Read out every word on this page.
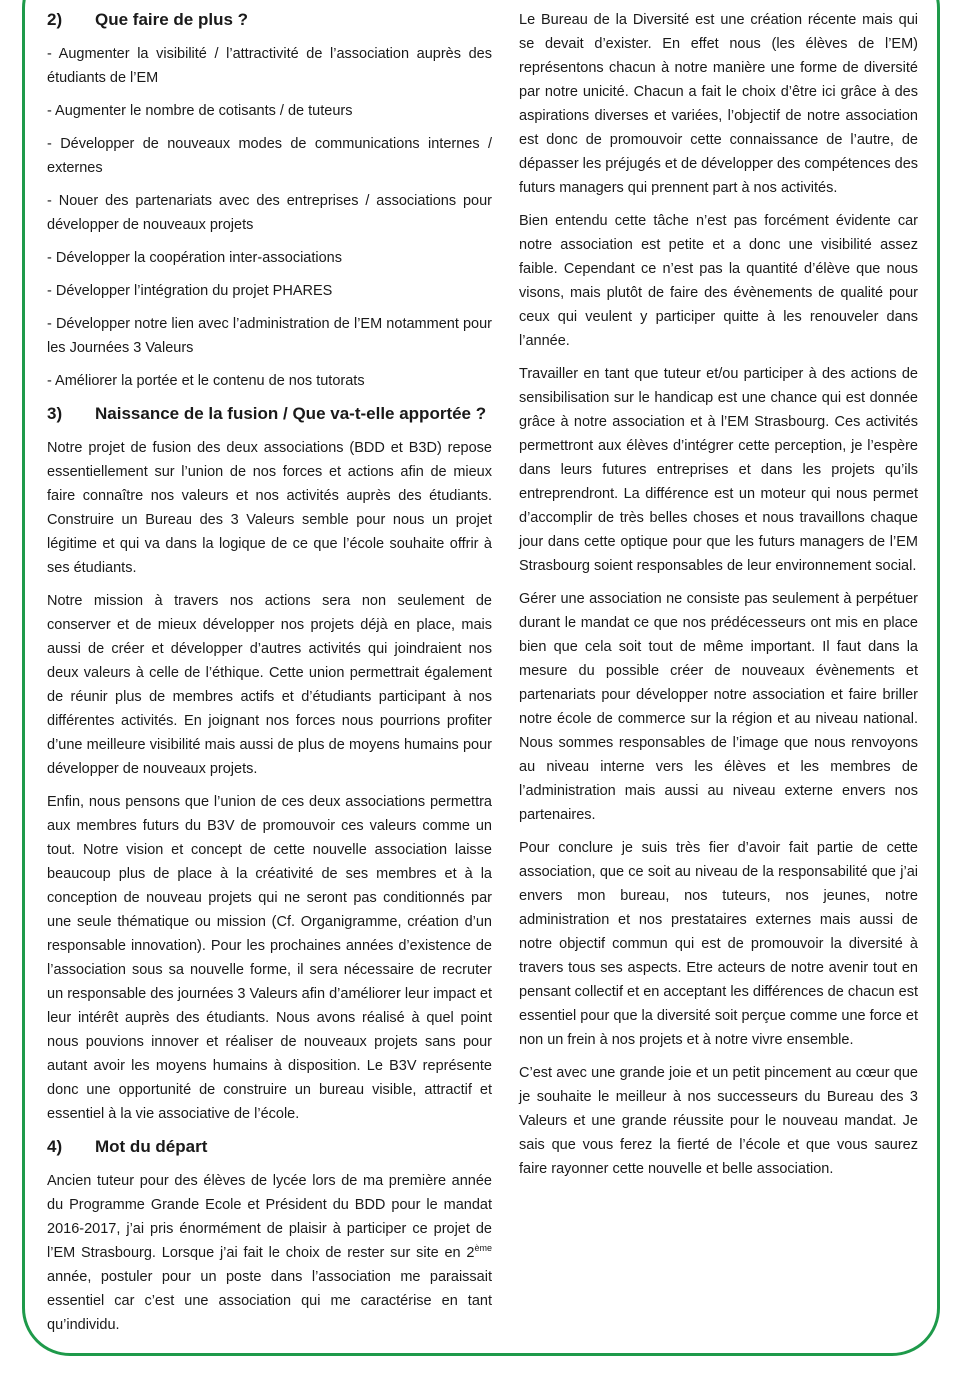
2)	Que faire de plus ?
- Augmenter la visibilité / l’attractivité de l’association auprès des étudiants de l’EM
- Augmenter le nombre de cotisants / de tuteurs
- Développer de nouveaux modes de communications internes / externes
- Nouer des partenariats avec des entreprises / associations pour développer de nouveaux projets
- Développer la coopération inter-associations
- Développer l’intégration du projet PHARES
- Développer notre lien avec l’administration de l’EM notamment pour les Journées 3 Valeurs
- Améliorer la portée et le contenu de nos tutorats
3)	Naissance de la fusion / Que va-t-elle apportée ?

Notre projet de fusion des deux associations (BDD et B3D) repose essentiellement sur l’union de nos forces et actions afin de mieux faire connaître nos valeurs et nos activités auprès des étudiants. Construire un Bureau des 3 Valeurs semble pour nous un projet légitime et qui va dans la logique de ce que l’école souhaite offrir à ses étudiants.

Notre mission à travers nos actions sera non seulement de conserver et de mieux développer nos projets déjà en place, mais aussi de créer et développer d’autres activités qui joindraient nos deux valeurs à celle de l’éthique. Cette union permettrait également de réunir plus de membres actifs et d’étudiants participant à nos différentes activités. En joignant nos forces nous pourrions profiter d’une meilleure visibilité mais aussi de plus de moyens humains pour développer de nouveaux projets.

Enfin, nous pensons que l’union de ces deux associations permettra aux membres futurs du B3V de promouvoir ces valeurs comme un tout. Notre vision et concept de cette nouvelle association laisse beaucoup plus de place à la créativité de ses membres et à la conception de nouveau projets qui ne seront pas conditionnés par une seule thématique ou mission (Cf. Organigramme, création d’un responsable innovation). Pour les prochaines années d’existence de l’association sous sa nouvelle forme, il sera nécessaire de recruter un responsable des journées 3 Valeurs afin d’améliorer leur impact et leur intérêt auprès des étudiants. Nous avons réalisé à quel point nous pouvions innover et réaliser de nouveaux projets sans pour autant avoir les moyens humains à disposition. Le B3V représente donc une opportunité de construire un bureau visible, attractif et essentiel à la vie associative de l’école.

4)	Mot du départ

Ancien tuteur pour des élèves de lycée lors de ma première année du Programme Grande Ecole et Président du BDD pour le mandat 2016-2017, j’ai pris énormément de plaisir à participer ce projet de l’EM Strasbourg. Lorsque j’ai fait le choix de rester sur site en 2ème année, postuler pour un poste dans l’association me paraissait essentiel car c’est une association qui me caractérise en tant qu’individu.

Le Bureau de la Diversité est une création récente mais qui se devait d’exister. En effet nous (les élèves de l’EM) représentons chacun à notre manière une forme de diversité par notre unicité. Chacun a fait le choix d’être ici grâce à des aspirations diverses et variées, l’objectif de notre association est donc de promouvoir cette connaissance de l’autre, de dépasser les préjugés et de développer des compétences des futurs managers qui prennent part à nos activités.

Bien entendu cette tâche n’est pas forcément évidente car notre association est petite et a donc une visibilité assez faible. Cependant ce n’est pas la quantité d’élève que nous visons, mais plutôt de faire des évènements de qualité pour ceux qui veulent y participer quitte à les renouveler dans l’année.

Travailler en tant que tuteur et/ou participer à des actions de sensibilisation sur le handicap est une chance qui est donnée grâce à notre association et à l’EM Strasbourg. Ces activités permettront aux élèves d’intégrer cette perception, je l’espère dans leurs futures entreprises et dans les projets qu’ils entreprendront. La différence est un moteur qui nous permet d’accomplir de très belles choses et nous travaillons chaque jour dans cette optique pour que les futurs managers de l’EM Strasbourg soient responsables de leur environnement social.

Gérer une association ne consiste pas seulement à perpétuer durant le mandat ce que nos prédécesseurs ont mis en place bien que cela soit tout de même important. Il faut dans la mesure du possible créer de nouveaux évènements et partenariats pour développer notre association et faire briller notre école de commerce sur la région et au niveau national. Nous sommes responsables de l’image que nous renvoyons au niveau interne vers les élèves et les membres de l’administration mais aussi au niveau externe envers nos partenaires.

Pour conclure je suis très fier d’avoir fait partie de cette association, que ce soit au niveau de la responsabilité que j’ai envers mon bureau, nos tuteurs, nos jeunes, notre administration et nos prestataires externes mais aussi de notre objectif commun qui est de promouvoir la diversité à travers tous ses aspects. Etre acteurs de notre avenir tout en pensant collectif et en acceptant les différences de chacun est essentiel pour que la diversité soit perçue comme une force et non un frein à nos projets et à notre vivre ensemble.

C’est avec une grande joie et un petit pincement au cœur que je souhaite le meilleur à nos successeurs du Bureau des 3 Valeurs et une grande réussite pour le nouveau mandat. Je sais que vous ferez la fierté de l’école et que vous saurez faire rayonner cette nouvelle et belle association.
